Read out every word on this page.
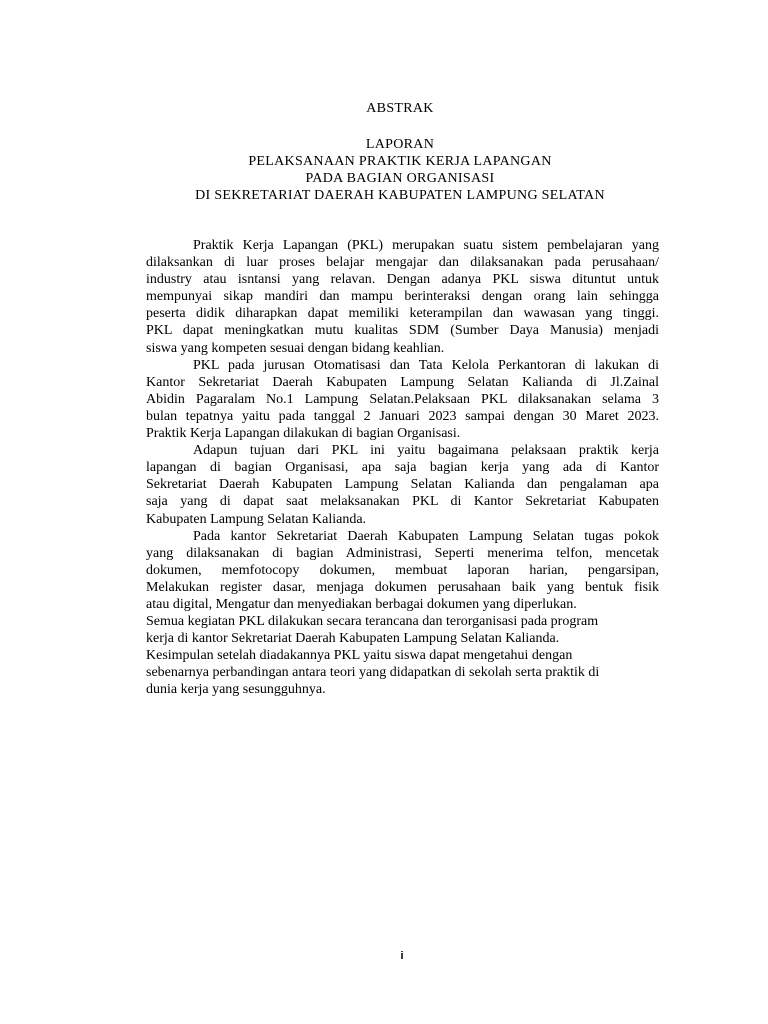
ABSTRAK
LAPORAN
PELAKSANAAN PRAKTIK KERJA LAPANGAN
PADA BAGIAN ORGANISASI
DI SEKRETARIAT DAERAH KABUPATEN LAMPUNG SELATAN
Praktik Kerja Lapangan (PKL) merupakan suatu sistem pembelajaran yang
dilaksankan di luar proses belajar mengajar dan dilaksanakan pada perusahaan/
industry atau isntansi yang relavan. Dengan adanya PKL siswa dituntut untuk
mempunyai sikap mandiri dan mampu berinteraksi dengan orang lain sehingga
peserta didik diharapkan dapat memiliki keterampilan dan wawasan yang tinggi.
PKL dapat meningkatkan mutu kualitas SDM (Sumber Daya Manusia) menjadi
siswa yang kompeten sesuai dengan bidang keahlian.
PKL pada jurusan Otomatisasi dan Tata Kelola Perkantoran di lakukan di
Kantor Sekretariat Daerah Kabupaten Lampung Selatan Kalianda di Jl.Zainal
Abidin Pagaralam No.1 Lampung Selatan.Pelaksaan PKL dilaksanakan selama 3
bulan tepatnya yaitu pada tanggal 2 Januari 2023 sampai dengan 30 Maret 2023.
Praktik Kerja Lapangan dilakukan di bagian Organisasi.
Adapun tujuan dari PKL ini yaitu bagaimana pelaksaan praktik kerja
lapangan di bagian Organisasi, apa saja bagian kerja yang ada di Kantor
Sekretariat Daerah Kabupaten Lampung Selatan Kalianda dan pengalaman apa
saja yang di dapat saat melaksanakan PKL di Kantor Sekretariat Kabupaten
Kabupaten Lampung Selatan Kalianda.
Pada kantor Sekretariat Daerah Kabupaten Lampung Selatan tugas pokok
yang dilaksanakan di bagian Administrasi, Seperti menerima telfon, mencetak
dokumen, memfotocopy dokumen, membuat laporan harian, pengarsipan,
Melakukan register dasar, menjaga dokumen perusahaan baik yang bentuk fisik
atau digital, Mengatur dan menyediakan berbagai dokumen yang diperlukan.
Semua kegiatan PKL dilakukan secara terancana dan terorganisasi pada program
kerja di kantor Sekretariat Daerah Kabupaten Lampung Selatan Kalianda.
Kesimpulan setelah diadakannya PKL yaitu siswa dapat mengetahui dengan
sebenarnya perbandingan antara teori yang didapatkan di sekolah serta praktik di
dunia kerja yang sesungguhnya.
i
